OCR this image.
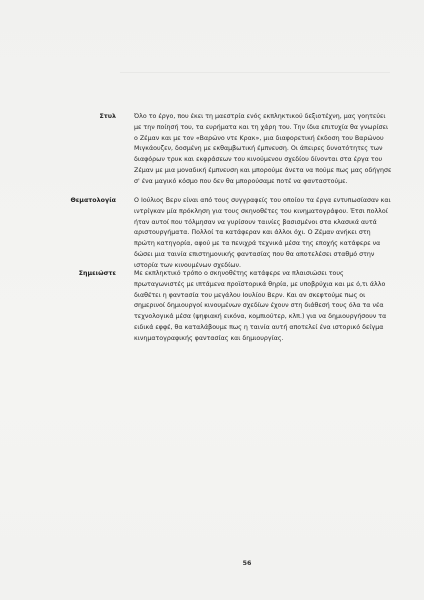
Στυλ	Όλο το έργο, που έκει τη μαεστρία ενός εκπληκτικού δεξιοτέχνη, μας γοητεύει με την ποίησή του, τα ευρήματα και τη χάρη του. Την ίδια επιτυχία θα γνωρίσει ο Ζέμαν και με τον «Βαρώνο ντε Κρακ», μια διαφορετική έκδοση του Βαρώνου Μιγκάουζεν, δοσμένη με εκθαμβωτική έμπνευση. Οι άπειρες δυνατότητες των διαφόρων τρυκ και εκφράσεων του κινούμενου σχεδίου δίνονται στα έργα του Ζέμαν με μια μοναδική έμπνευση και μπορούμε άνετα να πούμε πως μας οδήγησε σ' ένα μαγικό κόσμο που δεν θα μπορούσαμε ποτέ να φανταστούμε.

Θεματολογία	Ο Ιούλιος Βερν είναι από τους συγγραφείς του οποίου τα έργα εντυπωσίασαν και ιντρίγκαν μία πρόκληση για τους σκηνοθέτες του κινηματογράφου. Έτσι πολλοί ήταν αυτοί που τόλμησαν να γυρίσουν ταινίες βασισμένοι στα κλασικά αυτά αριστουργήματα. Πολλοί τα κατάφεραν και άλλοι όχι. Ο Ζέμαν ανήκει στη πρώτη κατηγορία, αφού με τα πενιχρά τεχνικά μέσα της εποχής κατάφερε να δώσει μια ταινία επιστημονικής φαντασίας που θα αποτελέσει σταθμό στην ιστορία των κινουμένων σχεδίων.

Σημειώστε	Με εκπληκτικό τρόπο ο σκηνοθέτης κατάφερε να πλαισιώσει τους πρωταγωνιστές με ιπτάμενα προϊστορικά θηρία, με υποβρύχια και με ό,τι άλλο διαθέτει η φαντασία του μεγάλου Ιουλίου Βερν. Και αν σκεφτούμε πως οι σημερινοί δημιουργοί κινουμένων σχεδίων έχουν στη διάθεσή τους όλα τα νέα τεχνολογικά μέσα (ψηφιακή εικόνα, κομπιούτερ, κλπ.) για να δημιουργήσουν τα ειδικά εφφέ, θα καταλάβουμε πως η ταινία αυτή αποτελεί ένα ιστορικό δείγμα κινηματογραφικής φαντασίας και δημιουργίας.

56
